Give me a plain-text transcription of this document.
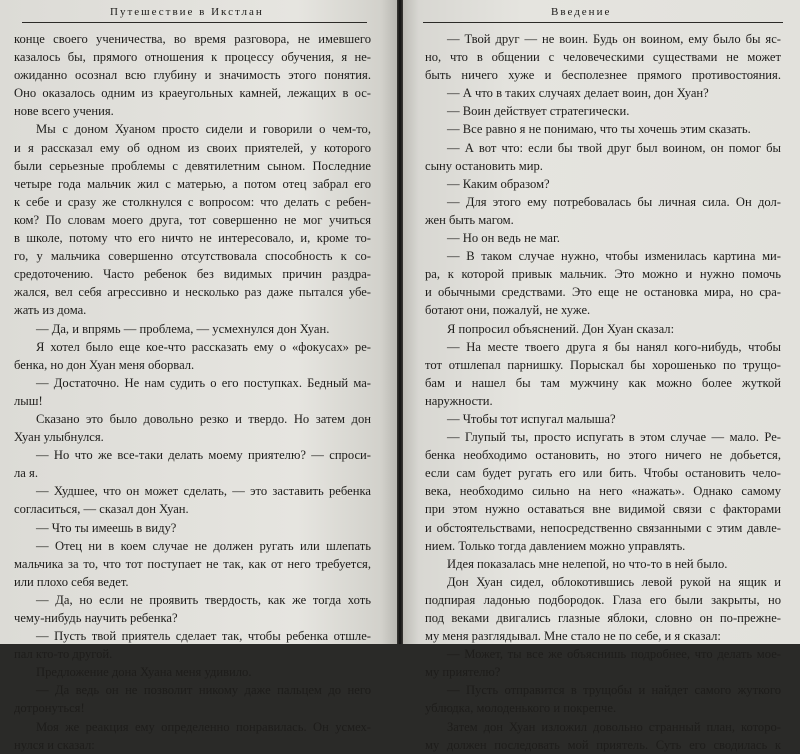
Путешествие в Икстлан
конце своего ученичества, во время разговора, не имевшего
казалось бы, прямого отношения к процессу обучения, я не-
ожиданно осознал всю глубину и значимость этого понятия.
Оно оказалось одним из краеугольных камней, лежащих в ос-
нове всего учения.
Мы с доном Хуаном просто сидели и говорили о чем-то,
и я рассказал ему об одном из своих приятелей, у которого
были серьезные проблемы с девятилетним сыном. Последние
четыре года мальчик жил с матерью, а потом отец забрал его
к себе и сразу же столкнулся с вопросом: что делать с ребен-
ком? По словам моего друга, тот совершенно не мог учиться
в школе, потому что его ничто не интересовало, и, кроме то-
го, у мальчика совершенно отсутствовала способность к со-
средоточению. Часто ребенок без видимых причин раздра-
жался, вел себя агрессивно и несколько раз даже пытался убе-
жать из дома.
— Да, и впрямь — проблема, — усмехнулся дон Хуан.
Я хотел было еще кое-что рассказать ему о «фокусах» ре-
бенка, но дон Хуан меня оборвал.
— Достаточно. Не нам судить о его поступках. Бедный ма-
лыш!
Сказано это было довольно резко и твердо. Но затем дон
Хуан улыбнулся.
— Но что же все-таки делать моему приятелю? — спроси-
ла я.
— Худшее, что он может сделать, — это заставить ребенка
согласиться, — сказал дон Хуан.
— Что ты имеешь в виду?
— Отец ни в коем случае не должен ругать или шлепать
мальчика за то, что тот поступает не так, как от него требуется,
или плохо себя ведет.
— Да, но если не проявить твердость, как же тогда хоть
чему-нибудь научить ребенка?
— Пусть твой приятель сделает так, чтобы ребенка отшле-
пал кто-то другой.
Предложение дона Хуана меня удивило.
— Да ведь он не позволит никому даже пальцем до него
дотронуться!
Моя же реакция ему определенно понравилась. Он усмех-
нулся и сказал:
Введение
— Твой друг — не воин. Будь он воином, ему было бы яс-
но, что в общении с человеческими существами не может
быть ничего хуже и бесполезнее прямого противостояния.
— А что в таких случаях делает воин, дон Хуан?
— Воин действует стратегически.
— Все равно я не понимаю, что ты хочешь этим сказать.
— А вот что: если бы твой друг был воином, он помог бы
сыну остановить мир.
— Каким образом?
— Для этого ему потребовалась бы личная сила. Он дол-
жен быть магом.
— Но он ведь не маг.
— В таком случае нужно, чтобы изменилась картина ми-
ра, к которой привык мальчик. Это можно и нужно помочь
и обычными средствами. Это еще не остановка мира, но сра-
ботают они, пожалуй, не хуже.
Я попросил объяснений. Дон Хуан сказал:
— На месте твоего друга я бы нанял кого-нибудь, чтобы
тот отшлепал парнишку. Порыскал бы хорошенько по трущо-
бам и нашел бы там мужчину как можно более жуткой
наружности.
— Чтобы тот испугал малыша?
— Глупый ты, просто испугать в этом случае — мало. Ре-
бенка необходимо остановить, но этого ничего не добьется,
если сам будет ругать его или бить. Чтобы остановить чело-
века, необходимо сильно на него «нажать». Однако самому
при этом нужно оставаться вне видимой связи с факторами
и обстоятельствами, непосредственно связанными с этим давле-
нием. Только тогда давлением можно управлять.
Идея показалась мне нелепой, но что-то в ней было.
Дон Хуан сидел, облокотившись левой рукой на ящик и
подпирая ладонью подбородок. Глаза его были закрыты, но
под веками двигались глазные яблоки, словно он по-прежне-
му меня разглядывал. Мне стало не по себе, и я сказал:
— Может, ты все же объяснишь подробнее, что делать мое-
му приятелю?
— Пусть отправится в трущобы и найдет самого жуткого
ублюдка, молоденького и покрепче.
Затем дон Хуан изложил довольно странный план, которо-
му должен последовать мой приятель. Суть его сводилась к
